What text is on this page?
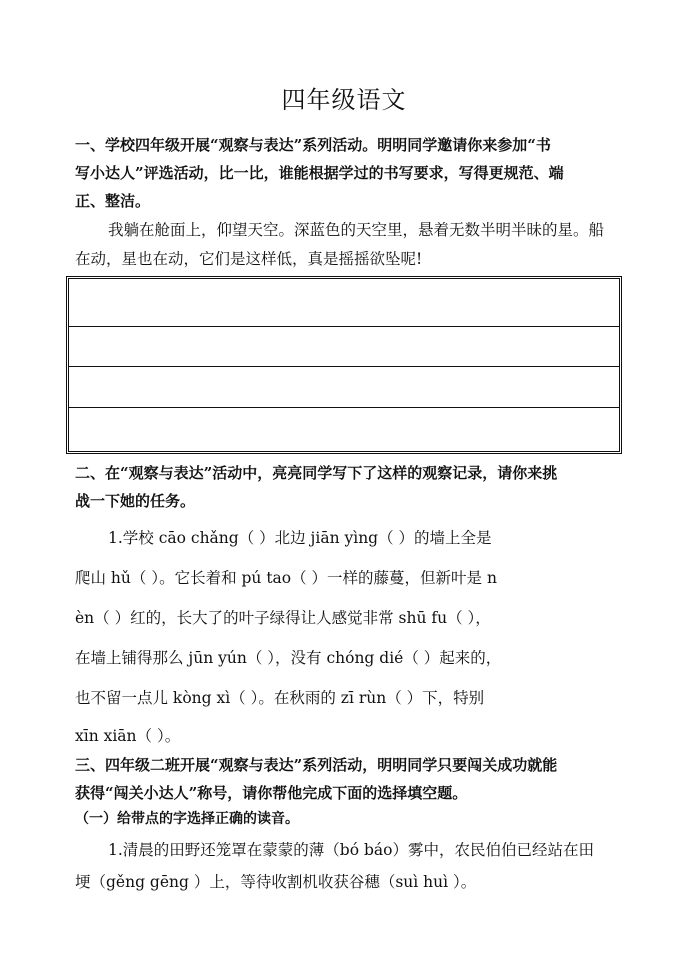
四年级语文
一、学校四年级开展“观察与表达”系列活动。明明同学邀请你来参加“书
写小达人”评选活动，比一比，谁能根据学过的书写要求，写得更规范、端
正、整洁。
我躺在舱面上，仰望天空。深蓝色的天空里，悬着无数半明半昧的星。船
在动，星也在动，它们是这样低，真是摇摇欲坠呢!
二、在“观察与表达”活动中，亮亮同学写下了这样的观察记录，请你来挑
战一下她的任务。
1.学校 cāo chǎng（ ）北边 jiān yìng（ ）的墙上全是
爬山 hǔ（ ）。它长着和 pú tao（ ）一样的藤蔓，但新叶是 n
èn（ ）红的，长大了的叶子绿得让人感觉非常 shū fu（ ），
在墙上铺得那么 jūn yún（ ），没有 chóng dié（ ）起来的，
也不留一点儿 kòng xì（ ）。在秋雨的 zī rùn（ ）下，特别
xīn xiān（ ）。
三、四年级二班开展“观察与表达”系列活动，明明同学只要闯关成功就能
获得“闯关小达人”称号，请你帮他完成下面的选择填空题。
（一）给带点的字选择正确的读音。
1.清晨的田野还笼罩在蒙蒙的薄（bó báo）雾中，农民伯伯已经站在田
埂（gěng gēng ）上，等待收割机收获谷穗（suì huì ）。
